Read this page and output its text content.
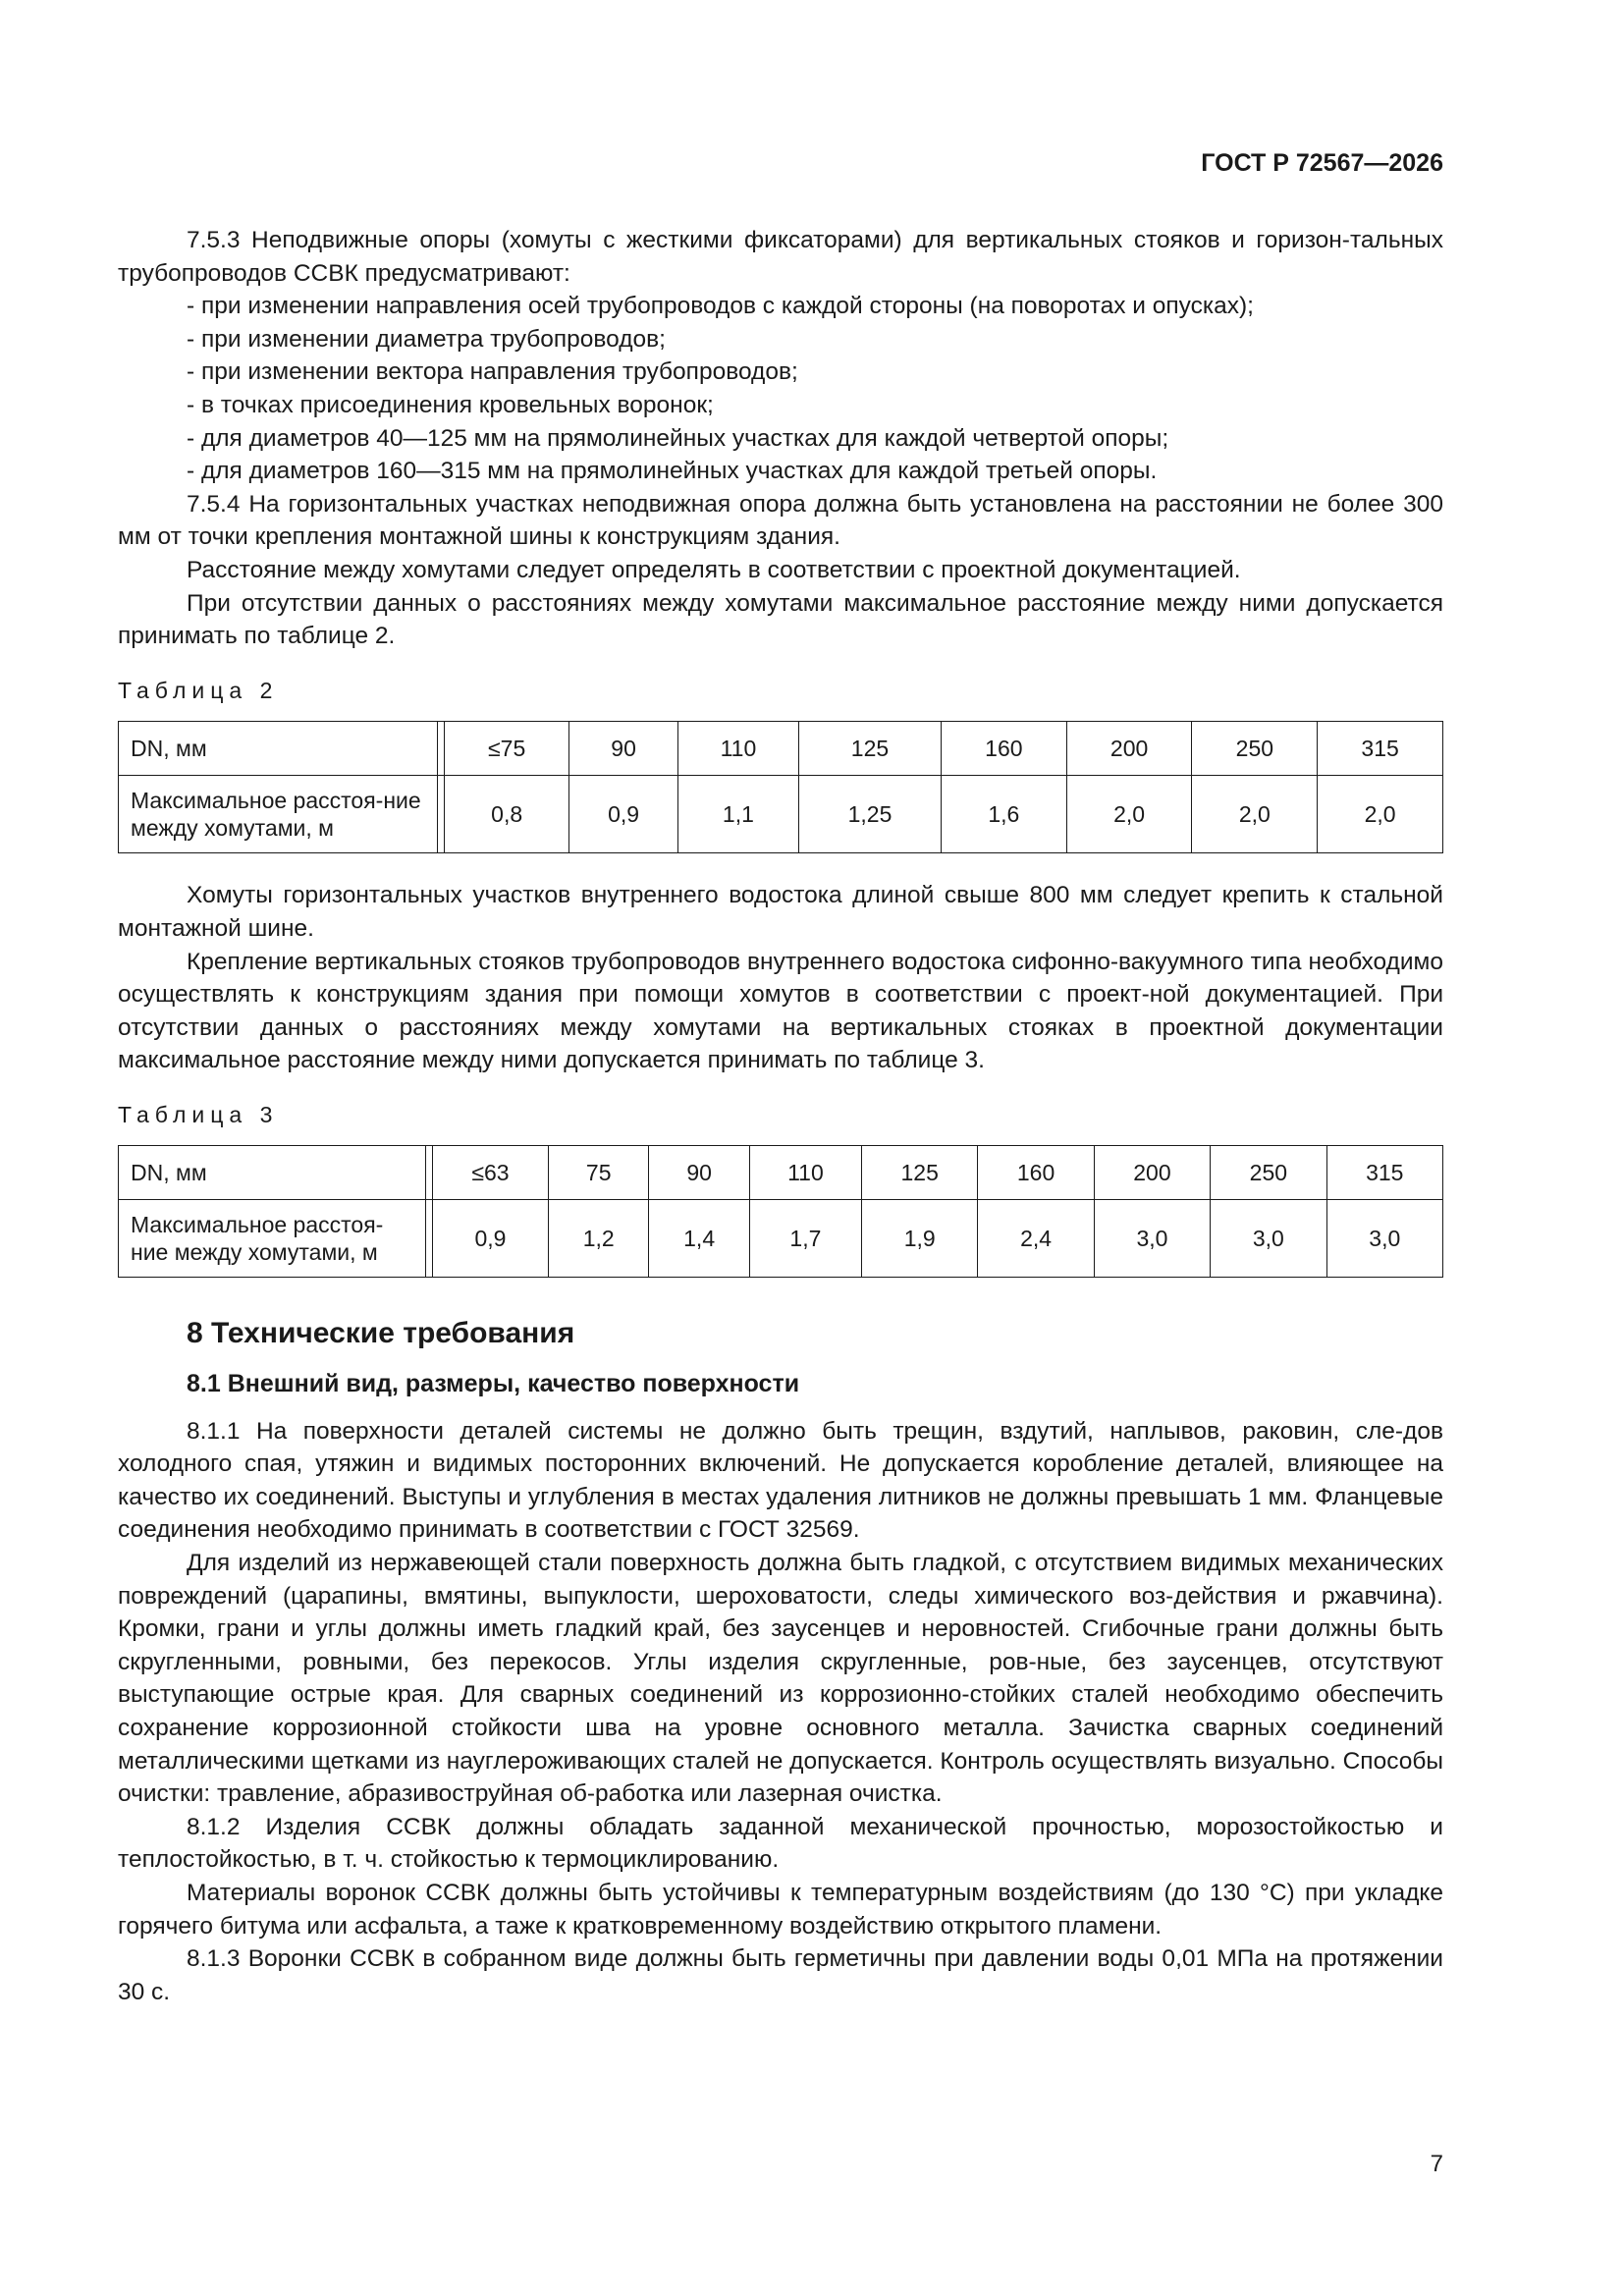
ГОСТ Р 72567—2026

7.5.3 Неподвижные опоры (хомуты с жесткими фиксаторами) для вертикальных стояков и горизон-тальных трубопроводов ССВК предусматривают:

- при изменении направления осей трубопроводов с каждой стороны (на поворотах и опусках);

- при изменении диаметра трубопроводов;

- при изменении вектора направления трубопроводов;

- в точках присоединения кровельных воронок;

- для диаметров 40—125 мм на прямолинейных участках для каждой четвертой опоры;

- для диаметров 160—315 мм на прямолинейных участках для каждой третьей опоры.

7.5.4 На горизонтальных участках неподвижная опора должна быть установлена на расстоянии не более 300 мм от точки крепления монтажной шины к конструкциям здания.

Расстояние между хомутами следует определять в соответствии с проектной документацией.

При отсутствии данных о расстояниях между хомутами максимальное расстояние между ними допускается принимать по таблице 2.

Таблица 2
DN, мм		≤75	90	110	125	160	200	250	315
Максимальное расстоя-ние между хомутами, м		0,8	0,9	1,1	1,25	1,6	2,0	2,0	2,0

Хомуты горизонтальных участков внутреннего водостока длиной свыше 800 мм следует крепить к стальной монтажной шине.

Крепление вертикальных стояков трубопроводов внутреннего водостока сифонно-вакуумного типа необходимо осуществлять к конструкциям здания при помощи хомутов в соответствии с проект-ной документацией. При отсутствии данных о расстояниях между хомутами на вертикальных стояках в проектной документации максимальное расстояние между ними допускается принимать по таблице 3.

Таблица 3
DN, мм		≤63	75	90	110	125	160	200	250	315
Максимальное расстоя-ние между хомутами, м		0,9	1,2	1,4	1,7	1,9	2,4	3,0	3,0	3,0
8 Технические требования
8.1 Внешний вид, размеры, качество поверхности

8.1.1 На поверхности деталей системы не должно быть трещин, вздутий, наплывов, раковин, сле-дов холодного спая, утяжин и видимых посторонних включений. Не допускается коробление деталей, влияющее на качество их соединений. Выступы и углубления в местах удаления литников не должны превышать 1 мм. Фланцевые соединения необходимо принимать в соответствии с ГОСТ 32569.

Для изделий из нержавеющей стали поверхность должна быть гладкой, с отсутствием видимых механических повреждений (царапины, вмятины, выпуклости, шероховатости, следы химического воз-действия и ржавчина). Кромки, грани и углы должны иметь гладкий край, без заусенцев и неровностей. Сгибочные грани должны быть скругленными, ровными, без перекосов. Углы изделия скругленные, ров-ные, без заусенцев, отсутствуют выступающие острые края. Для сварных соединений из коррозионно-стойких сталей необходимо обеспечить сохранение коррозионной стойкости шва на уровне основного металла. Зачистка сварных соединений металлическими щетками из науглероживающих сталей не допускается. Контроль осуществлять визуально. Способы очистки: травление, абразивоструйная об-работка или лазерная очистка.

8.1.2 Изделия ССВК должны обладать заданной механической прочностью, морозостойкостью и теплостойкостью, в т. ч. стойкостью к термоциклированию.

Материалы воронок ССВК должны быть устойчивы к температурным воздействиям (до 130 °С) при укладке горячего битума или асфальта, а таже к кратковременному воздействию открытого пламени.

8.1.3 Воронки ССВК в собранном виде должны быть герметичны при давлении воды 0,01 МПа на протяжении 30 с.

7
